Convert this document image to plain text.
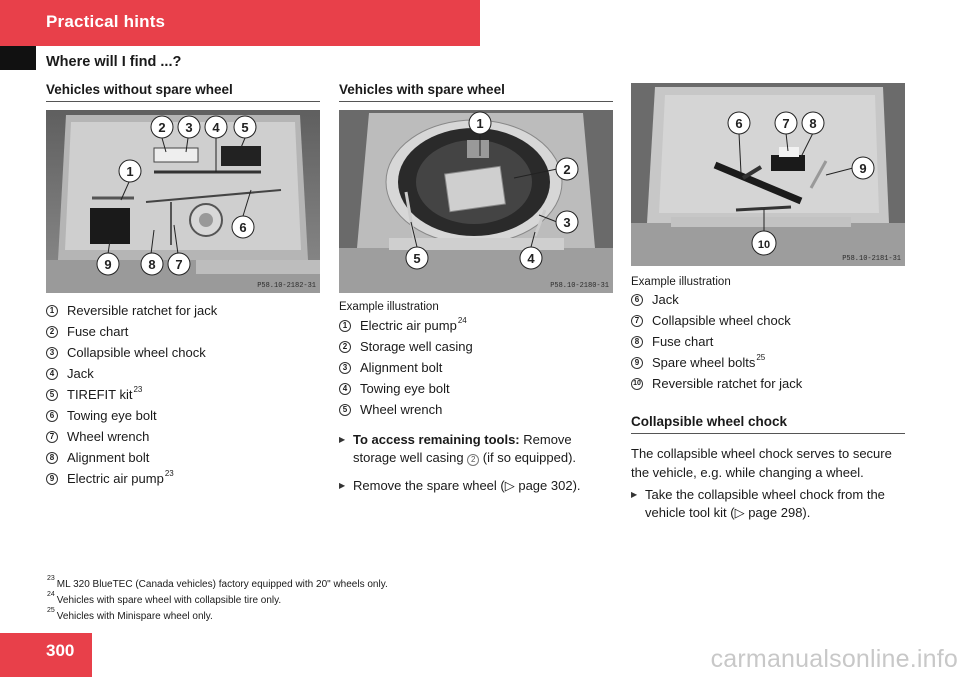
Practical hints
Where will I find ...?
Vehicles without spare wheel
2 3 4 5
1
6
7
8
9
P58.10-2182-31
1 Reversible ratchet for jack
2 Fuse chart
3 Collapsible wheel chock
4 Jack
5 TIREFIT kit$^{23}$
6 Towing eye bolt
7 Wheel wrench
8 Alignment bolt
9 Electric air pump$^{23}$
Vehicles with spare wheel
1
2
3
4
5
P58.10-2180-31
Example illustration
1 Electric air pump$^{24}$
2 Storage well casing
3 Alignment bolt
4 Towing eye bolt
5 Wheel wrench
▶ To access remaining tools: Remove storage well casing 2 (if so equipped).
▶ Remove the spare wheel (▷ page 302).
6	7 8
9
10
P58.10-2181-31
Example illustration
6 Jack
7 Collapsible wheel chock
8 Fuse chart
9 Spare wheel bolts$^{25}$
10 Reversible ratchet for jack
Collapsible wheel chock
The collapsible wheel chock serves to secure the vehicle, e.g. while changing a wheel.
▶ Take the collapsible wheel chock from the vehicle tool kit (▷ page 298).
$^{23}$ML 320 BlueTEC (Canada vehicles) factory equipped with 20" wheels only.
$^{24}$Vehicles with spare wheel with collapsible tire only.
$^{25}$Vehicles with Minispare wheel only.
300	carmanualsonline.info
